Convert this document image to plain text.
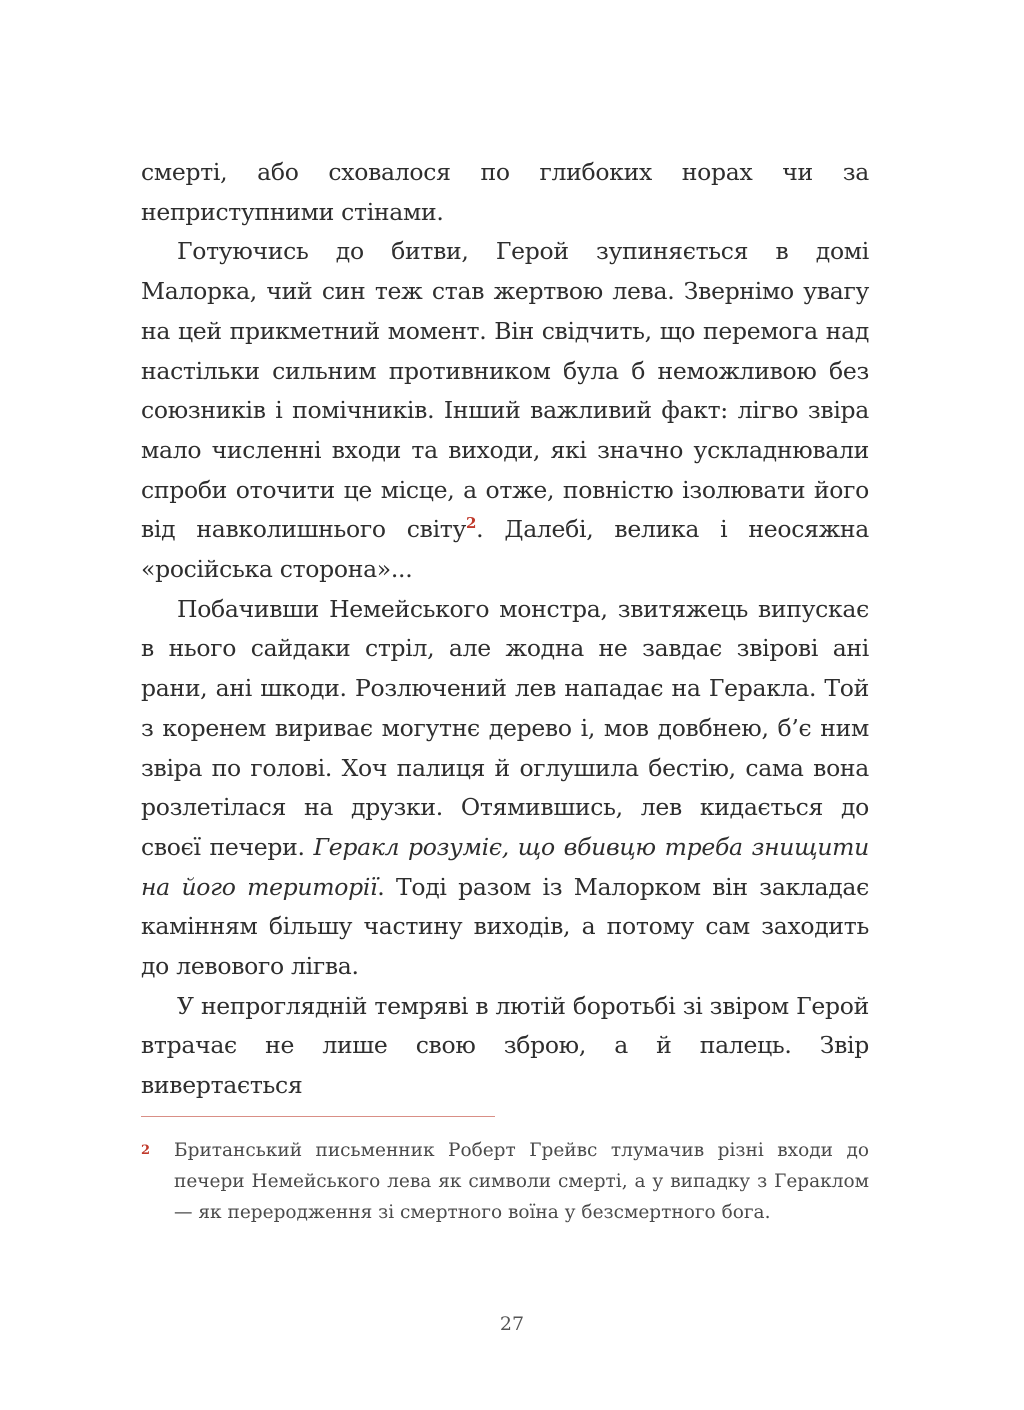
смерті, або сховалося по глибоких норах чи за неприступними стінами.

Готуючись до битви, Герой зупиняється в домі Малорка, чий син теж став жертвою лева. Звернімо увагу на цей прикметний момент. Він свідчить, що перемога над настільки сильним противником була б неможливою без союзників і помічників. Інший важливий факт: лігво звіра мало численні входи та виходи, які значно ускладнювали спроби оточити це місце, а отже, повністю ізолювати його від навколишнього світу$^2$. Далебі, велика і неосяжна «російська сторона»...

Побачивши Немейського монстра, звитяжець випускає в нього сайдаки стріл, але жодна не завдає звірові ані рани, ані шкоди. Розлючений лев нападає на Геракла. Той з коренем вириває могутнє дерево і, мов довбнею, б’є ним звіра по голові. Хоч палиця й оглушила бестію, сама вона розлетілася на друзки. Отямившись, лев кидається до своєї печери. Геракл розуміє, що вбивцю треба знищити на його території. Тоді разом із Малорком він закладає камінням більшу частину виходів, а потому сам заходить до левового лігва.

У непроглядній темряві в лютій боротьбі зі звіром Герой втрачає не лише свою зброю, а й палець. Звір вивертається

2 Британський письменник Роберт Грейвс тлумачив різні входи до печери Немейського лева як символи смерті, а у випадку з Гераклом — як переродження зі смертного воїна у безсмертного бога.
27
